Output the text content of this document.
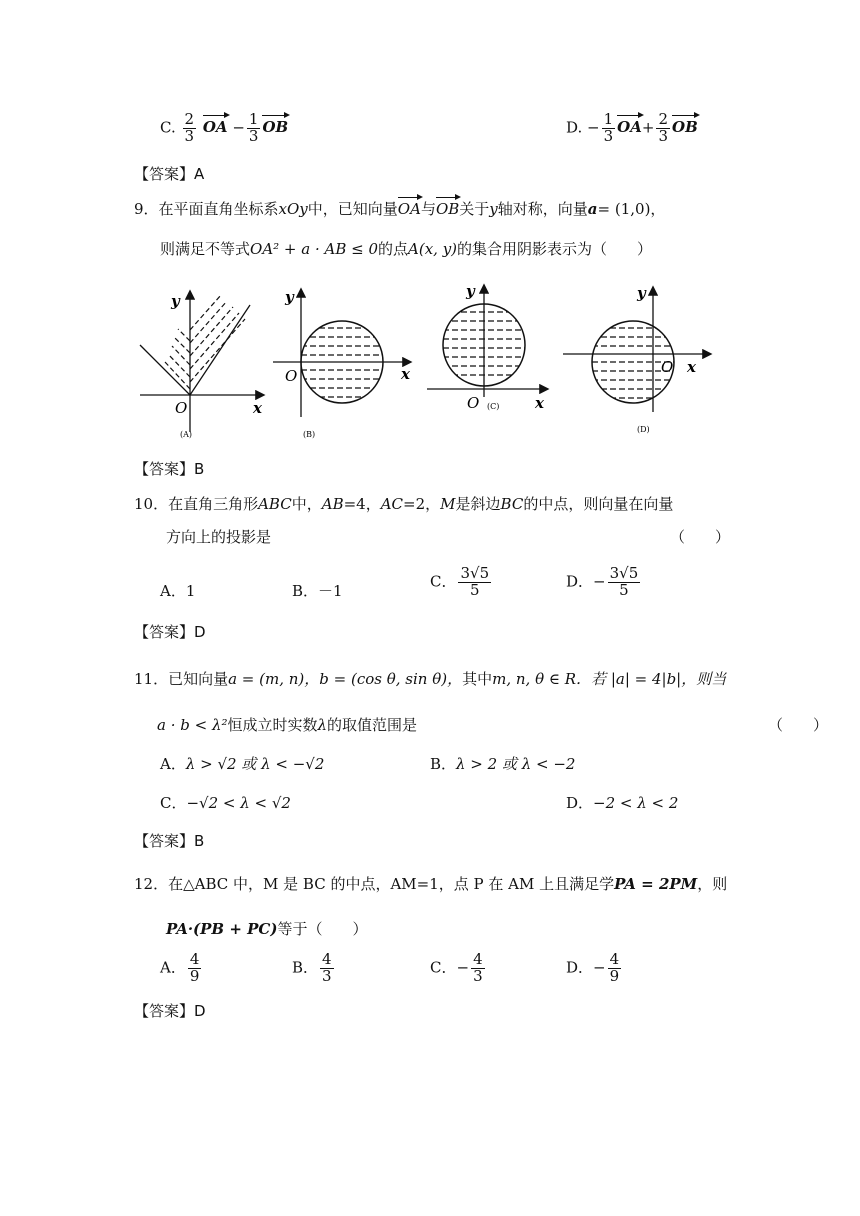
C. $\frac{2}{3}$ OA − $\frac{1}{3}$ OB	D. − $\frac{1}{3} OA+ \frac{2}{3}$ OB
【答案】A
9．在平面直角坐标系xOy中，已知向量OA与OB关于y轴对称，向量a= (1,0)，
则满足不等式OA² + a · AB ≤ 0的点A(x, y)的集合用阴影表示为（　　）
y
O	x
(A)
y
O	x
(B)
y
O	x
(C)
y
O x
(D)
【答案】B
10．在直角三角形ABC中，AB=4，AC=2，M是斜边BC的中点，则向量在向量
方向上的投影是	（　　）
A．1	B．－1
C． $\frac{3√5}{5}$	D．− $\frac{3√5}{5}$
【答案】D
11．已知向量a = (m, n)，b = (cos θ, sin θ)，其中m, n, θ ∈ R．若 |a| = 4|b|，则当
a · b < λ²恒成立时实数λ的取值范围是	（　　）
A．λ > √2 或 λ < −√2	B．λ > 2 或 λ < −2
C．−√2 < λ < √2	D．−2 < λ < 2
【答案】B
12．在△ABC 中，M 是 BC 的中点，AM=1，点 P 在 AM 上且满足学PA = 2PM，则
PA·(PB + PC)等于（　　）
A． $\frac{4}{9}$	B． $\frac{4}{3}$	C．− $\frac{4}{3}$	D．− $\frac{4}{9}$
【答案】D
